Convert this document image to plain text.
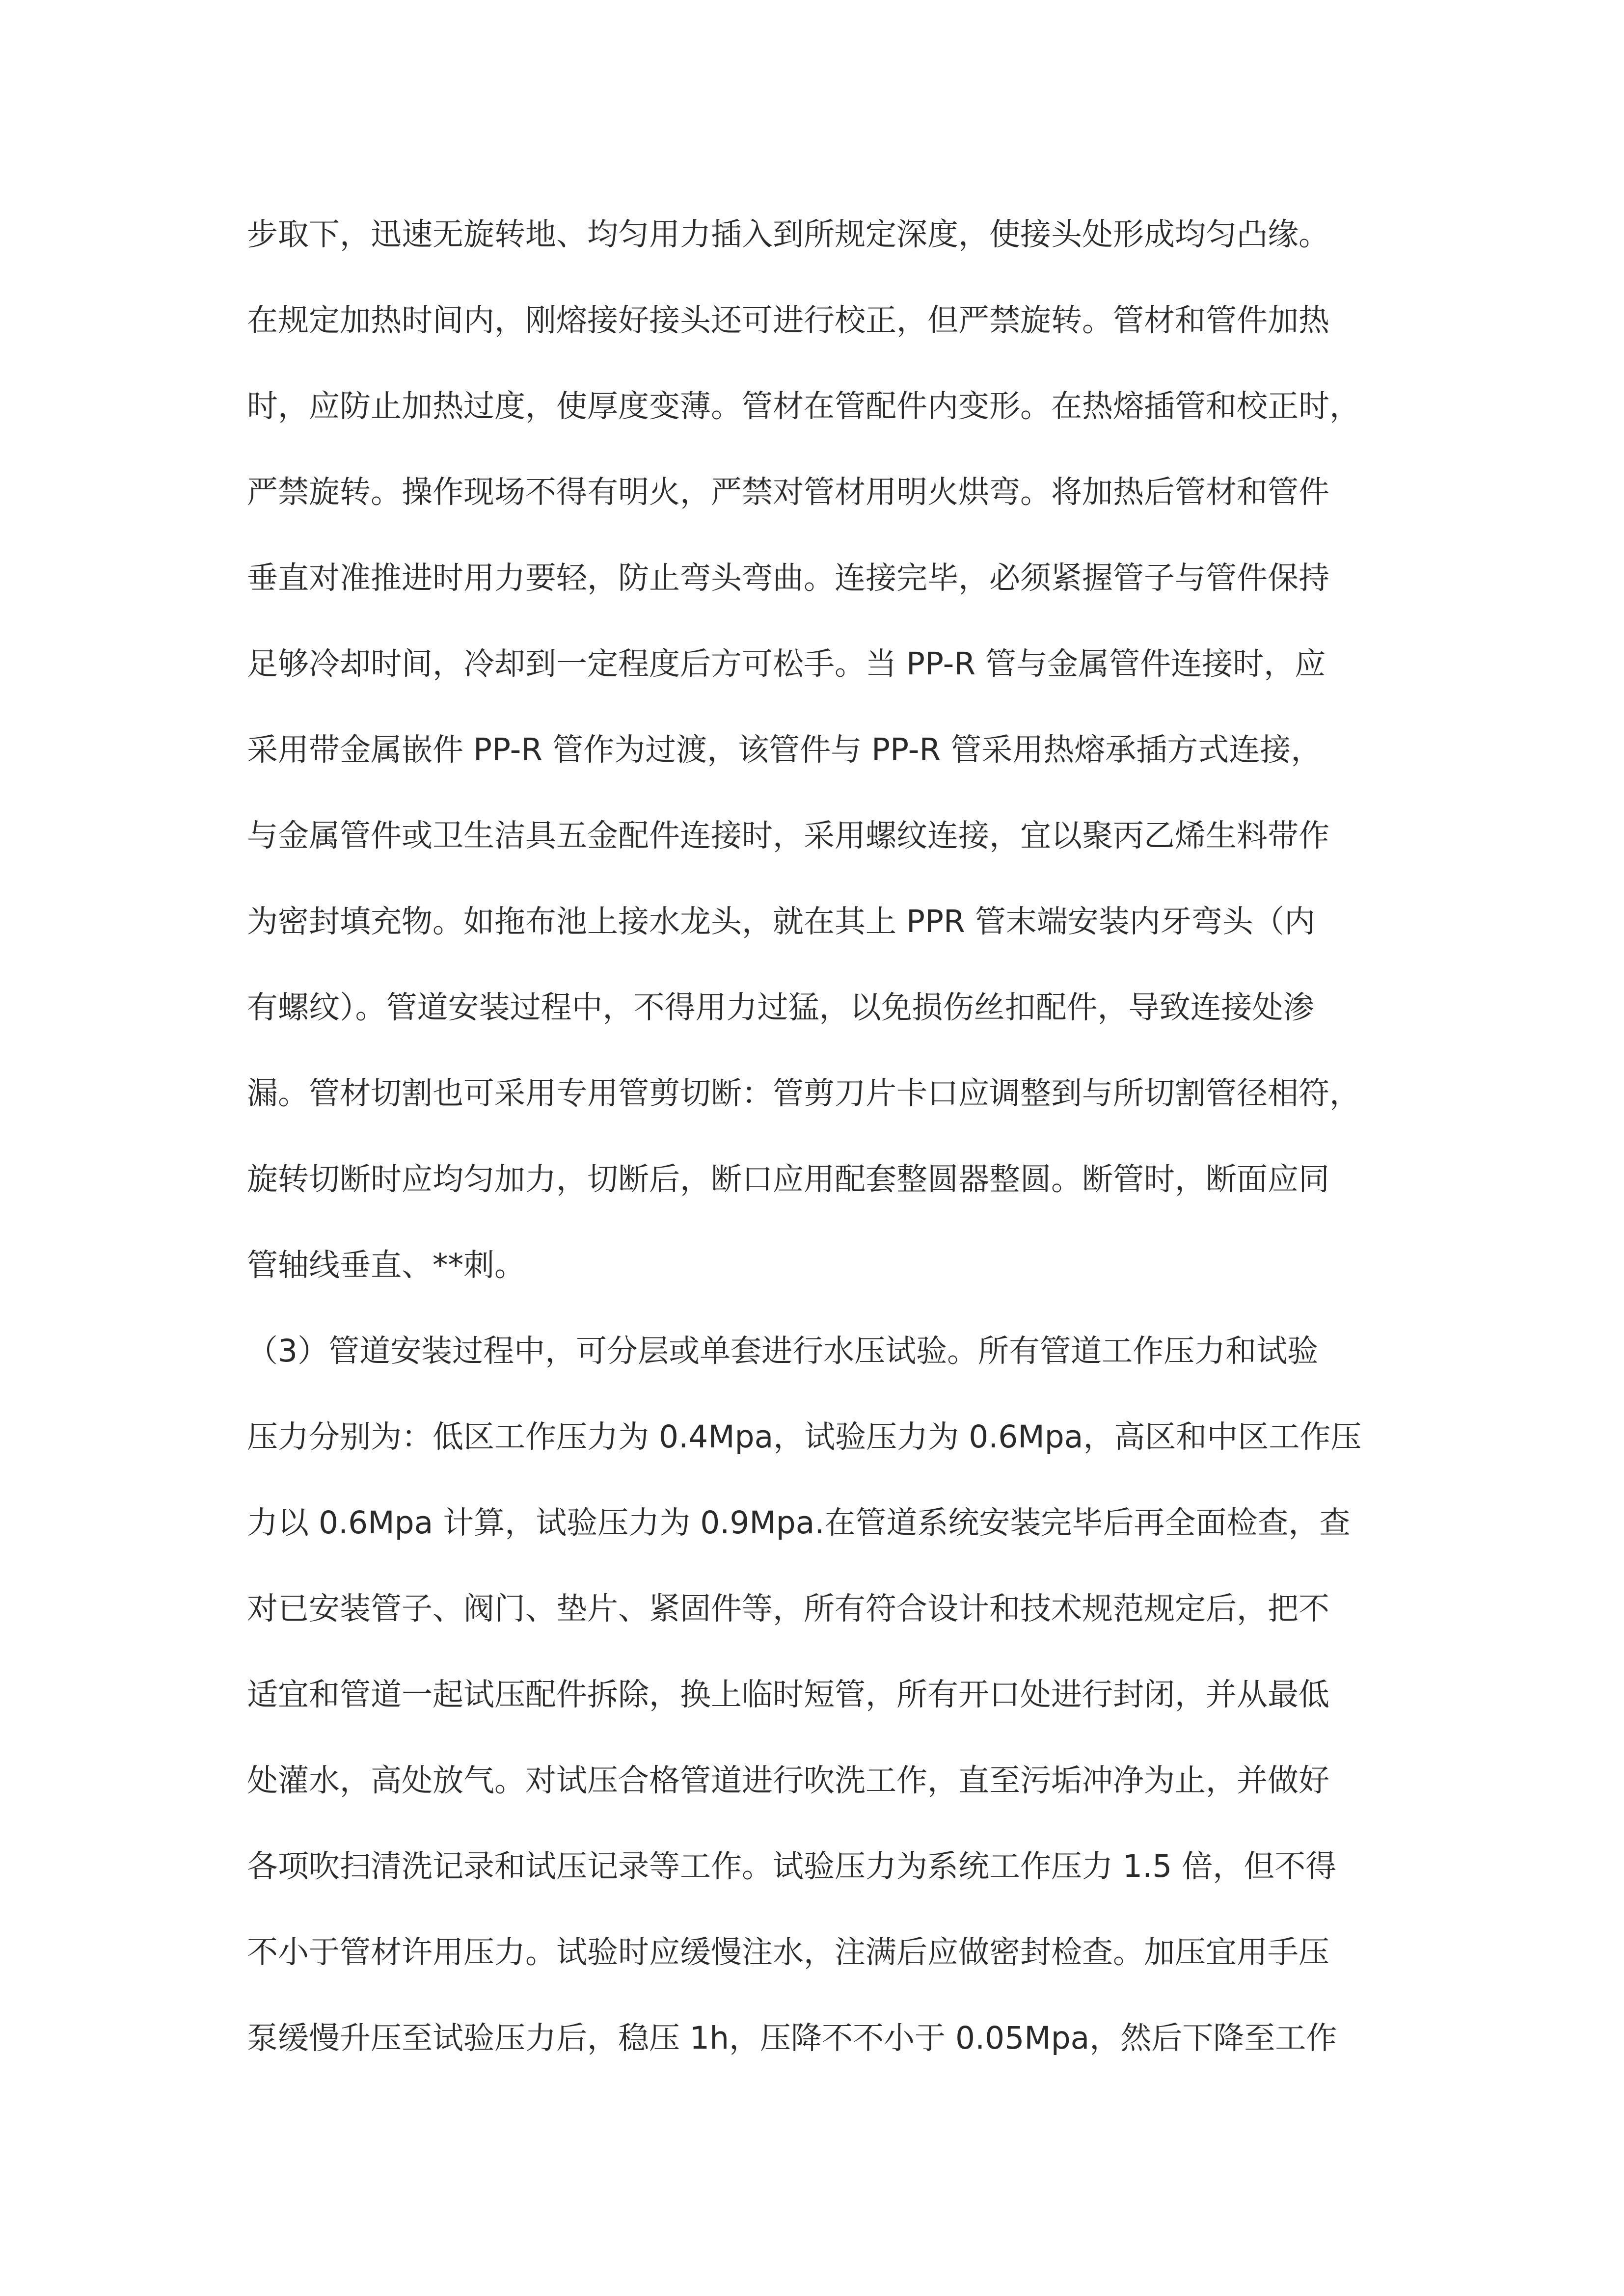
步取下，迅速无旋转地、均匀用力插入到所规定深度，使接头处形成均匀凸缘。
在规定加热时间内，刚熔接好接头还可进行校正，但严禁旋转。管材和管件加热
时，应防止加热过度，使厚度变薄。管材在管配件内变形。在热熔插管和校正时，
严禁旋转。操作现场不得有明火，严禁对管材用明火烘弯。将加热后管材和管件
垂直对准推进时用力要轻，防止弯头弯曲。连接完毕，必须紧握管子与管件保持
足够冷却时间，冷却到一定程度后方可松手。当 PP-R 管与金属管件连接时，应
采用带金属嵌件 PP-R 管作为过渡，该管件与 PP-R 管采用热熔承插方式连接，
与金属管件或卫生洁具五金配件连接时，采用螺纹连接，宜以聚丙乙烯生料带作
为密封填充物。如拖布池上接水龙头，就在其上 PPR 管末端安装内牙弯头（内
有螺纹）。管道安装过程中，不得用力过猛，以免损伤丝扣配件，导致连接处渗
漏。管材切割也可采用专用管剪切断：管剪刀片卡口应调整到与所切割管径相符，
旋转切断时应均匀加力，切断后，断口应用配套整圆器整圆。断管时，断面应同
管轴线垂直、**刺。
（3）管道安装过程中，可分层或单套进行水压试验。所有管道工作压力和试验
压力分别为：低区工作压力为 0.4Mpa，试验压力为 0.6Mpa，高区和中区工作压
力以 0.6Mpa 计算，试验压力为 0.9Mpa.在管道系统安装完毕后再全面检查，查
对已安装管子、阀门、垫片、紧固件等，所有符合设计和技术规范规定后，把不
适宜和管道一起试压配件拆除，换上临时短管，所有开口处进行封闭，并从最低
处灌水，高处放气。对试压合格管道进行吹洗工作，直至污垢冲净为止，并做好
各项吹扫清洗记录和试压记录等工作。试验压力为系统工作压力 1.5 倍，但不得
不小于管材许用压力。试验时应缓慢注水，注满后应做密封检查。加压宜用手压
泵缓慢升压至试验压力后，稳压 1h，压降不不小于 0.05Mpa，然后下降至工作
